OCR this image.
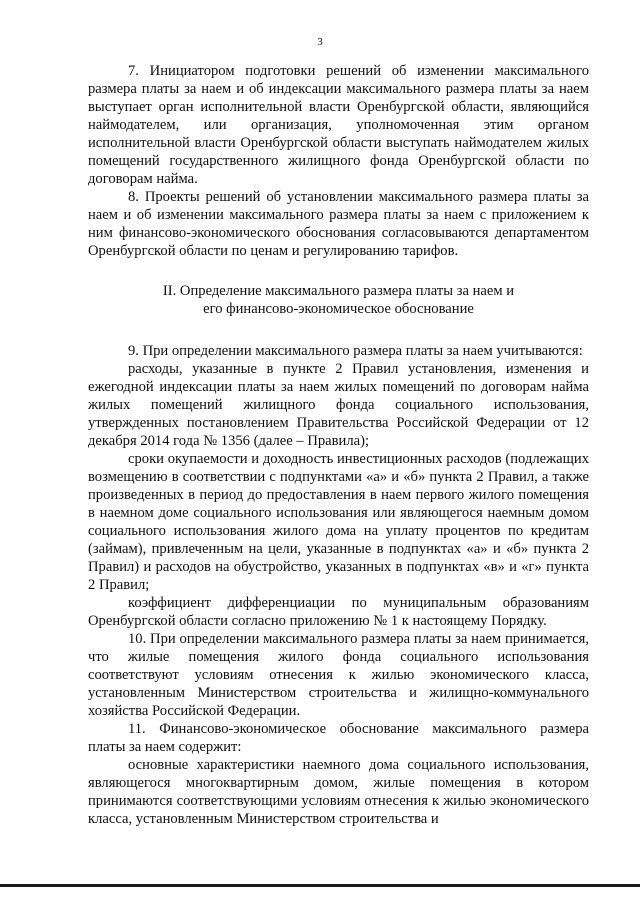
3

7. Инициатором подготовки решений об изменении максимального размера платы за наем и об индексации максимального размера платы за наем выступает орган исполнительной власти Оренбургской области, являющийся наймодателем, или организация, уполномоченная этим органом исполнительной власти Оренбургской области выступать наймодателем жилых помещений государственного жилищного фонда Оренбургской области по договорам найма.

8. Проекты решений об установлении максимального размера платы за наем и об изменении максимального размера платы за наем с приложением к ним финансово-экономического обоснования согласовываются департаментом Оренбургской области по ценам и регулированию тарифов.

II. Определение максимального размера платы за наем и
его финансово-экономическое обоснование

9. При определении максимального размера платы за наем учитываются:

расходы, указанные в пункте 2 Правил установления, изменения и ежегодной индексации платы за наем жилых помещений по договорам найма жилых помещений жилищного фонда социального использования, утвержденных постановлением Правительства Российской Федерации от 12 декабря 2014 года № 1356 (далее – Правила);

сроки окупаемости и доходность инвестиционных расходов (подлежащих возмещению в соответствии с подпунктами «а» и «б» пункта 2 Правил, а также произведенных в период до предоставления в наем первого жилого помещения в наемном доме социального использования или являющегося наемным домом социального использования жилого дома на уплату процентов по кредитам (займам), привлеченным на цели, указанные в подпунктах «а» и «б» пункта 2 Правил) и расходов на обустройство, указанных в подпунктах «в» и «г» пункта 2 Правил;

коэффициент дифференциации по муниципальным образованиям Оренбургской области согласно приложению № 1 к настоящему Порядку.

10. При определении максимального размера платы за наем принимается, что жилые помещения жилого фонда социального использования соответствуют условиям отнесения к жилью экономического класса, установленным Министерством строительства и жилищно-коммунального хозяйства Российской Федерации.

11. Финансово-экономическое обоснование максимального размера платы за наем содержит:

основные характеристики наемного дома социального использования, являющегося многоквартирным домом, жилые помещения в котором принимаются соответствующими условиям отнесения к жилью экономического класса, установленным Министерством строительства и
